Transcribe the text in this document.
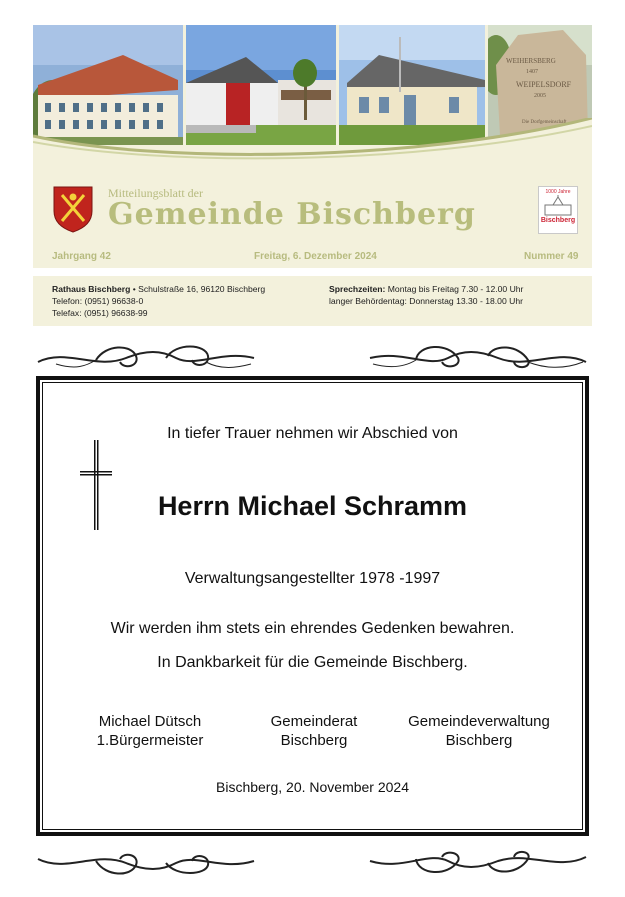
WEIHERSBERG
1407
WEIPELSDORF
2005
Die Dorfgemeinschaft
Mitteilungsblatt der
Gemeinde Bischberg
1000 Jahre
Bischberg
Jahrgang 42	Freitag, 6. Dezember 2024	Nummer 49
Rathaus Bischberg • Schulstraße 16, 96120 Bischberg
Telefon: (0951) 96638-0
Telefax: (0951) 96638-99
Sprechzeiten: Montag bis Freitag 7.30 - 12.00 Uhr
langer Behördentag: Donnerstag 13.30 - 18.00 Uhr
In tiefer Trauer nehmen wir Abschied von
Herrn Michael Schramm
Verwaltungsangestellter 1978 -1997
Wir werden ihm stets ein ehrendes Gedenken bewahren.
In Dankbarkeit für die Gemeinde Bischberg.
Michael Dütsch
1.Bürgermeister
Gemeinderat
Bischberg
Gemeindeverwaltung
Bischberg
Bischberg, 20. November 2024
